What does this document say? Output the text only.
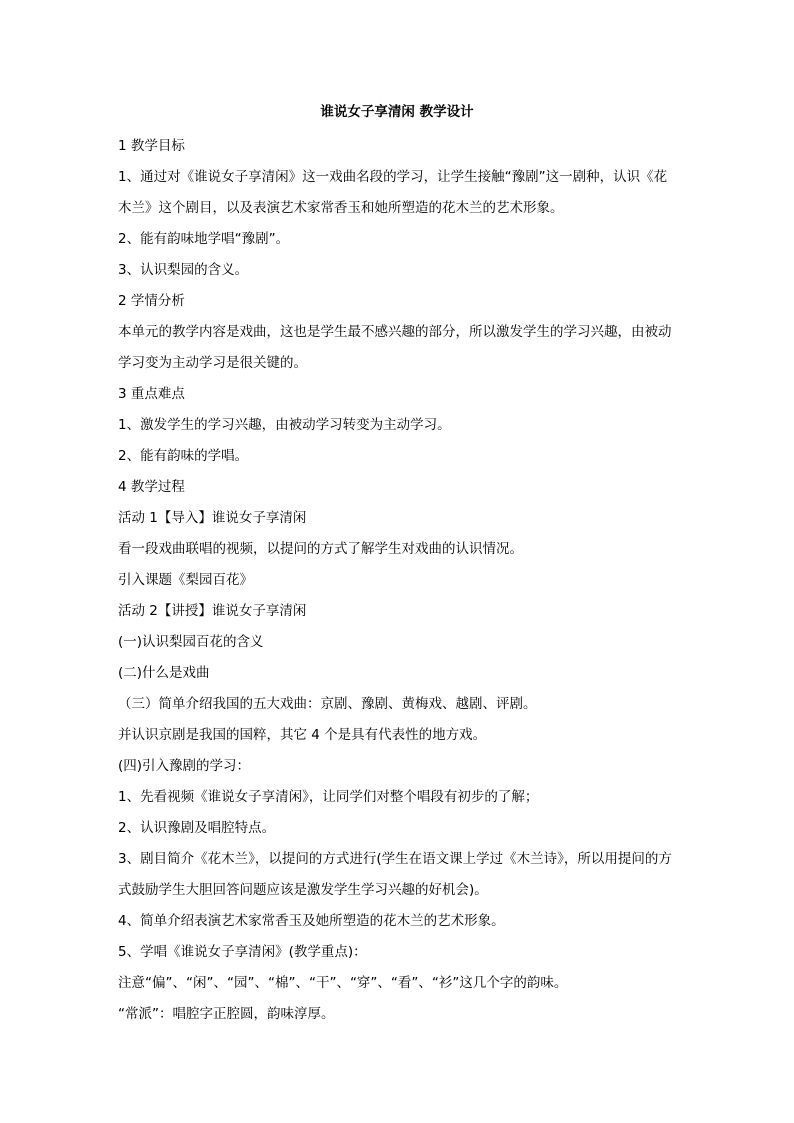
谁说女子享清闲 教学设计

1 教学目标

1、通过对《谁说女子享清闲》这一戏曲名段的学习，让学生接触“豫剧”这一剧种，认识《花木兰》这个剧目，以及表演艺术家常香玉和她所塑造的花木兰的艺术形象。

2、能有韵味地学唱“豫剧”。

3、认识梨园的含义。

2 学情分析

本单元的教学内容是戏曲，这也是学生最不感兴趣的部分，所以激发学生的学习兴趣，由被动学习变为主动学习是很关键的。

3 重点难点

1、激发学生的学习兴趣，由被动学习转变为主动学习。

2、能有韵味的学唱。

4 教学过程

活动 1【导入】谁说女子享清闲

看一段戏曲联唱的视频，以提问的方式了解学生对戏曲的认识情况。

引入课题《梨园百花》

活动 2【讲授】谁说女子享清闲

(一)认识梨园百花的含义

(二)什么是戏曲

（三）简单介绍我国的五大戏曲：京剧、豫剧、黄梅戏、越剧、评剧。

并认识京剧是我国的国粹，其它 4 个是具有代表性的地方戏。

(四)引入豫剧的学习：

1、先看视频《谁说女子享清闲》，让同学们对整个唱段有初步的了解；

2、认识豫剧及唱腔特点。

3、剧目简介《花木兰》，以提问的方式进行(学生在语文课上学过《木兰诗》，所以用提问的方式鼓励学生大胆回答问题应该是激发学生学习兴趣的好机会)。

4、简单介绍表演艺术家常香玉及她所塑造的花木兰的艺术形象。

5、学唱《谁说女子享清闲》(教学重点)：

注意“偏”、“闲”、“园”、“棉”、“干”、“穿”、“看”、“衫”这几个字的韵味。

“常派”：唱腔字正腔圆，韵味淳厚。
